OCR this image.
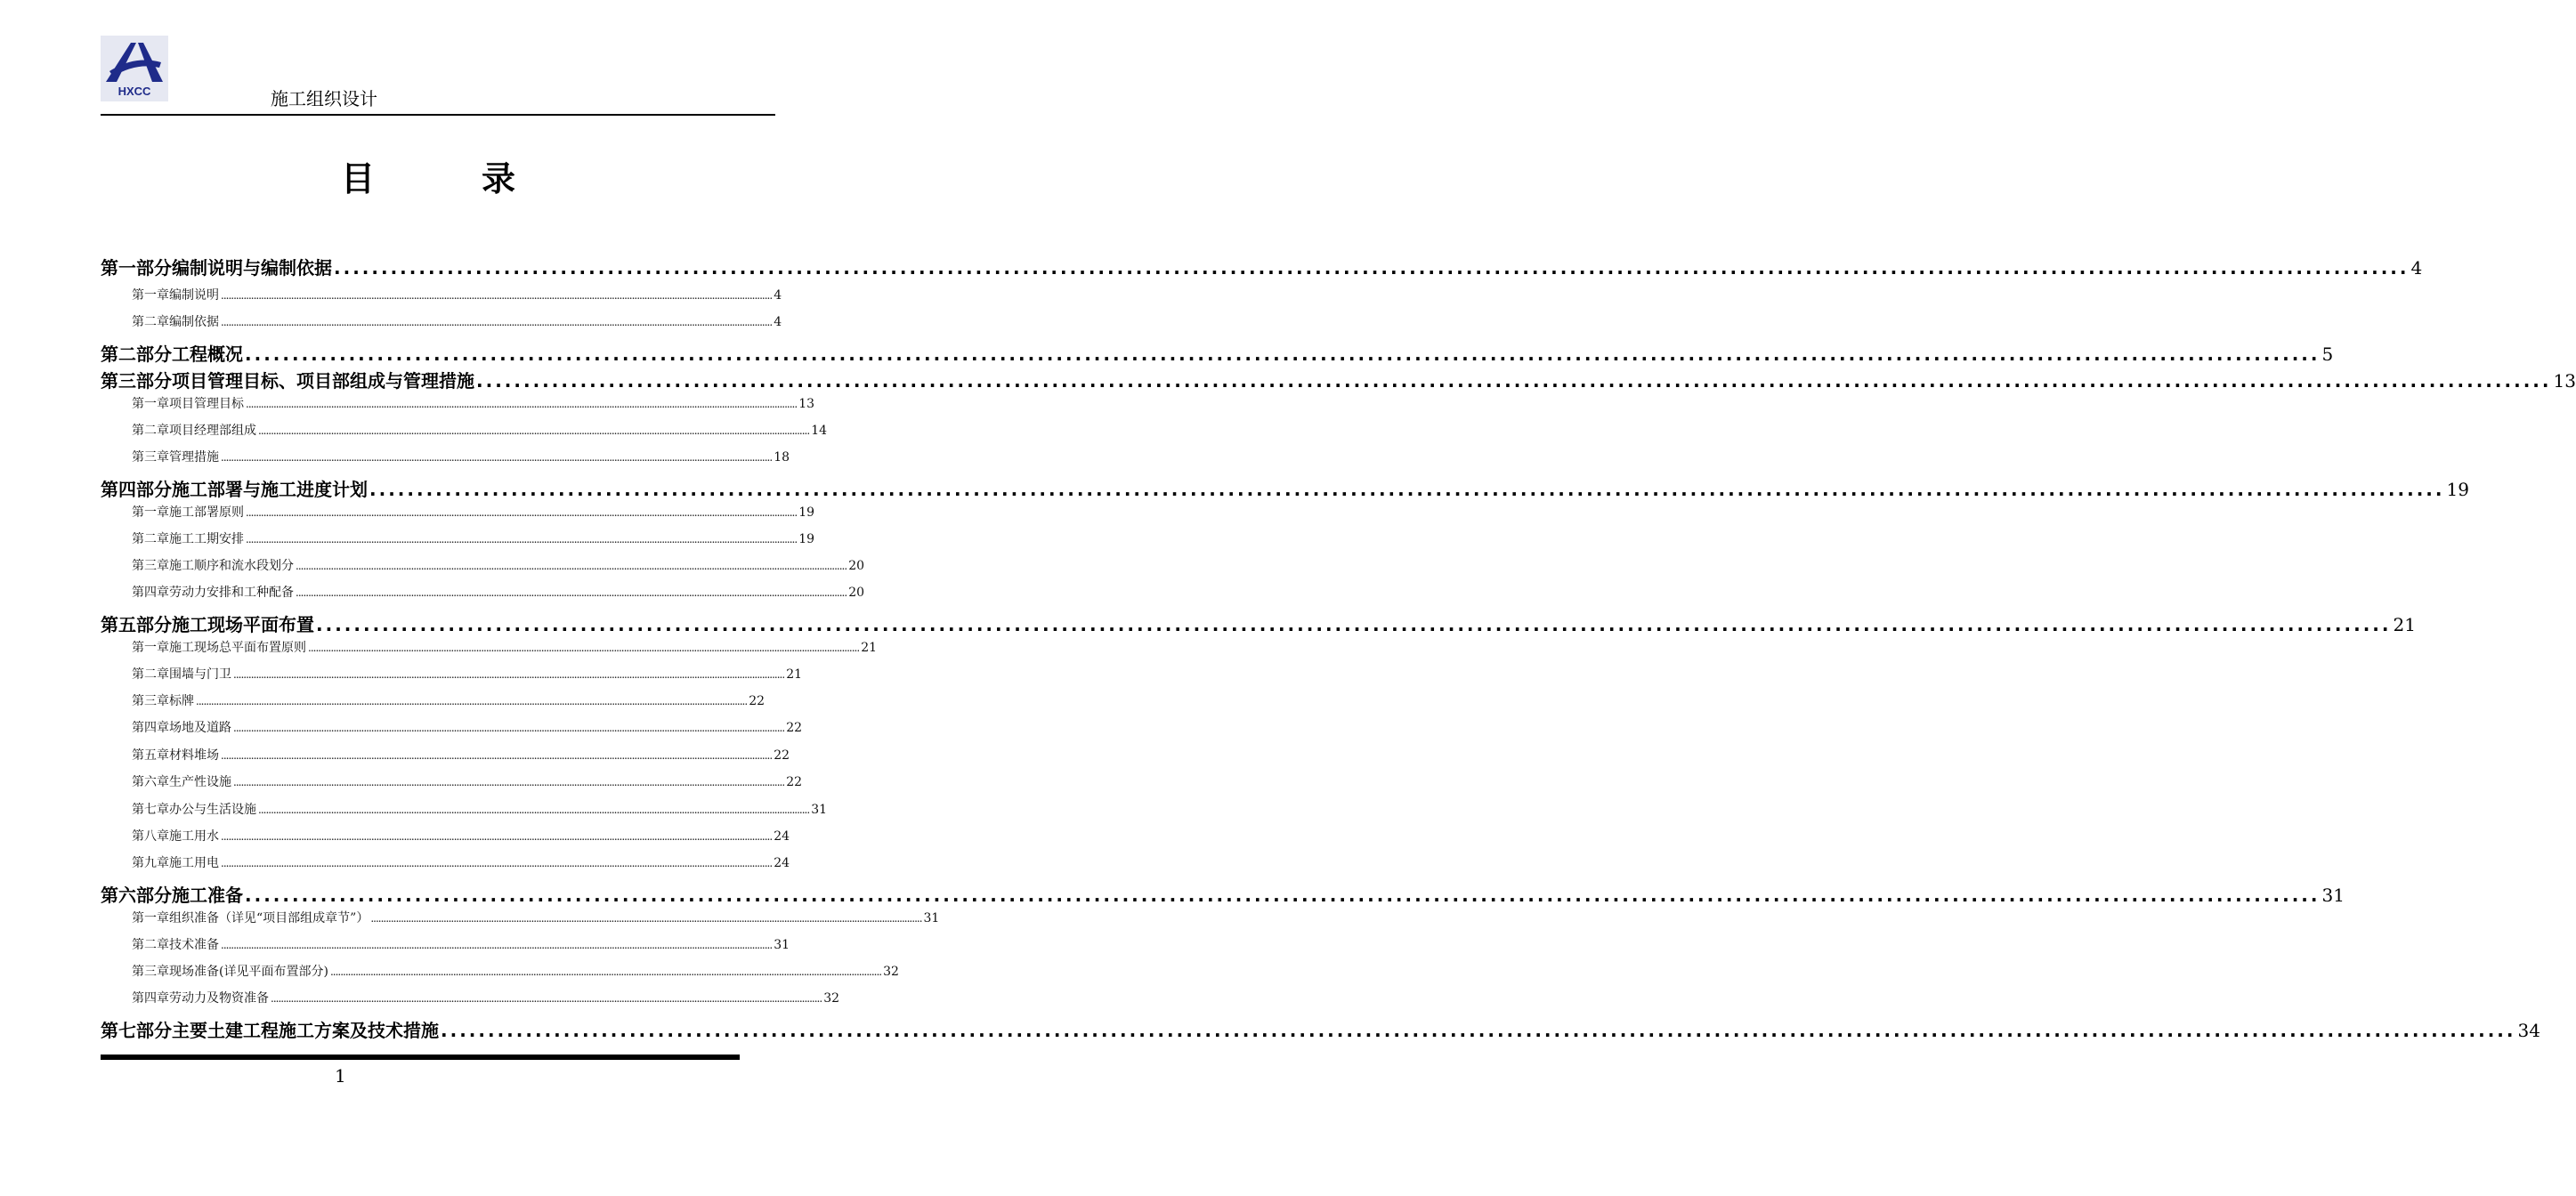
HXCC	施工组织设计
目	录
第一部分 编制说明与编制依据 ............................................................................................................................................................................................................................ 4
第一章 编制说明 ............................................................................................................................................................................................................................ 4
第二章 编制依据 ............................................................................................................................................................................................................................ 4
第二部分 工程概况 ............................................................................................................................................................................................................................ 5
第三部分 项目管理目标、项目部组成与管理措施 ............................................................................................................................................................................................................................ 13
第一章 项目管理目标 ............................................................................................................................................................................................................................ 13
第二章 项目经理部组成 ............................................................................................................................................................................................................................ 14
第三章 管理措施 ............................................................................................................................................................................................................................ 18
第四部分 施工部署与施工进度计划 ............................................................................................................................................................................................................................ 19
第一章 施工部署原则 ............................................................................................................................................................................................................................ 19
第二章 施工工期安排 ............................................................................................................................................................................................................................ 19
第三章 施工顺序和流水段划分 ............................................................................................................................................................................................................................ 20
第四章 劳动力安排和工种配备 ............................................................................................................................................................................................................................ 20
第五部分 施工现场平面布置 ............................................................................................................................................................................................................................ 21
第一章 施工现场总平面布置原则 ............................................................................................................................................................................................................................ 21
第二章 围墙与门卫 ............................................................................................................................................................................................................................ 21
第三章 标牌 ............................................................................................................................................................................................................................ 22
第四章 场地及道路 ............................................................................................................................................................................................................................ 22
第五章 材料堆场 ............................................................................................................................................................................................................................ 22
第六章 生产性设施 ............................................................................................................................................................................................................................ 22
第七章 办公与生活设施 ............................................................................................................................................................................................................................ 31
第八章 施工用水 ............................................................................................................................................................................................................................ 24
第九章 施工用电 ............................................................................................................................................................................................................................ 24
第六部分 施工准备 ............................................................................................................................................................................................................................ 31
第一章 组织准备（详见“项目部组成章节”） ............................................................................................................................................................................................................................ 31
第二章 技术准备 ............................................................................................................................................................................................................................ 31
第三章 现场准备(详见平面布置部分) ............................................................................................................................................................................................................................ 32
第四章 劳动力及物资准备 ............................................................................................................................................................................................................................ 32
第七部分 主要土建工程施工方案及技术措施 ............................................................................................................................................................................................................................ 34
1
